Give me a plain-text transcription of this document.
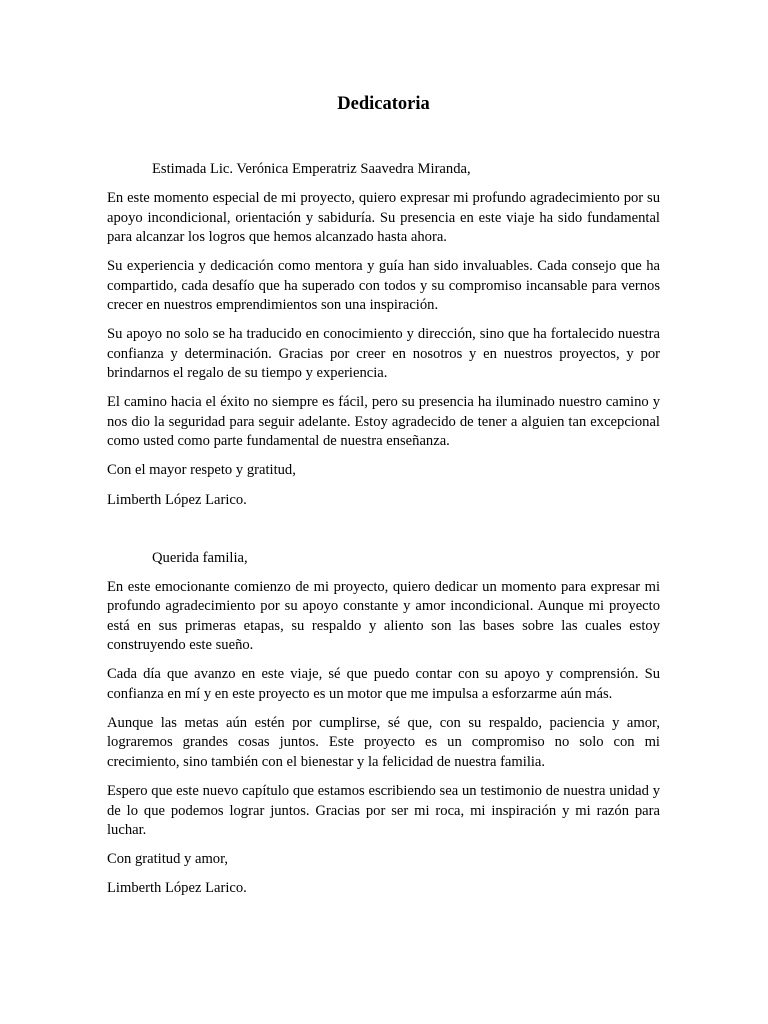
Dedicatoria

Estimada Lic. Verónica Emperatriz Saavedra Miranda,

En este momento especial de mi proyecto, quiero expresar mi profundo agradecimiento por su apoyo incondicional, orientación y sabiduría. Su presencia en este viaje ha sido fundamental para alcanzar los logros que hemos alcanzado hasta ahora.

Su experiencia y dedicación como mentora y guía han sido invaluables. Cada consejo que ha compartido, cada desafío que ha superado con todos y su compromiso incansable para vernos crecer en nuestros emprendimientos son una inspiración.

Su apoyo no solo se ha traducido en conocimiento y dirección, sino que ha fortalecido nuestra confianza y determinación. Gracias por creer en nosotros y en nuestros proyectos, y por brindarnos el regalo de su tiempo y experiencia.

El camino hacia el éxito no siempre es fácil, pero su presencia ha iluminado nuestro camino y nos dio la seguridad para seguir adelante. Estoy agradecido de tener a alguien tan excepcional como usted como parte fundamental de nuestra enseñanza.

Con el mayor respeto y gratitud,

Limberth López Larico.

Querida familia,

En este emocionante comienzo de mi proyecto, quiero dedicar un momento para expresar mi profundo agradecimiento por su apoyo constante y amor incondicional. Aunque mi proyecto está en sus primeras etapas, su respaldo y aliento son las bases sobre las cuales estoy construyendo este sueño.

Cada día que avanzo en este viaje, sé que puedo contar con su apoyo y comprensión. Su confianza en mí y en este proyecto es un motor que me impulsa a esforzarme aún más.

Aunque las metas aún estén por cumplirse, sé que, con su respaldo, paciencia y amor, lograremos grandes cosas juntos. Este proyecto es un compromiso no solo con mi crecimiento, sino también con el bienestar y la felicidad de nuestra familia.

Espero que este nuevo capítulo que estamos escribiendo sea un testimonio de nuestra unidad y de lo que podemos lograr juntos. Gracias por ser mi roca, mi inspiración y mi razón para luchar.

Con gratitud y amor,

Limberth López Larico.
